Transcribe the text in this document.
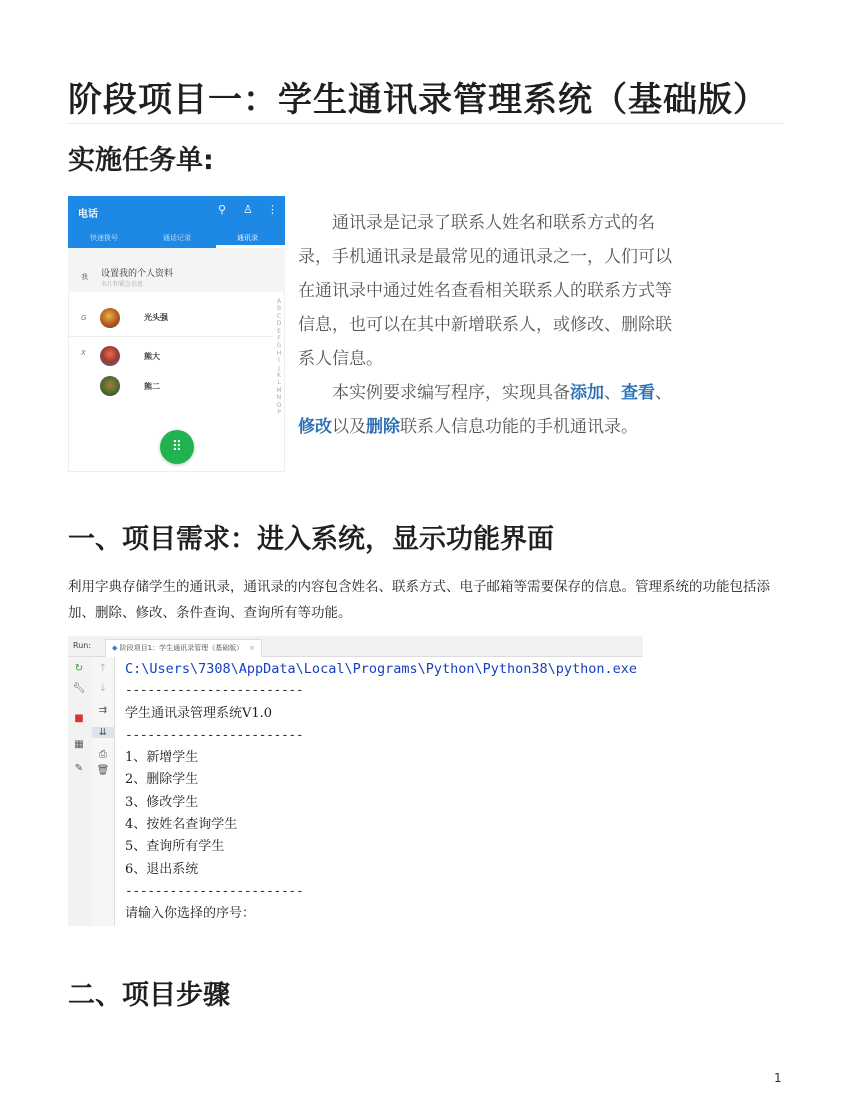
阶段项目一：学生通讯录管理系统（基础版）
实施任务单:
电话	⚲ ♙ ⋮
快速拨号	通话记录	通讯录
我 设置我的个人资料
名片和紧急信息
G	光头强
X	熊大
熊二
A
B
C
D
E
F
G
H
I
J
K
L
M
N
O
P
⠿

通讯录是记录了联系人姓名和联系方式的名录，手机通讯录是最常见的通讯录之一，人们可以在通讯录中通过姓名查看相关联系人的联系方式等信息，也可以在其中新增联系人，或修改、删除联系人信息。

本实例要求编写程序，实现具备添加、查看、修改以及删除联系人信息功能的手机通讯录。

一、项目需求：进入系统，显示功能界面
利用字典存储学生的通讯录，通讯录的内容包含姓名、联系方式、电子邮箱等需要保存的信息。管理系统的功能包括添加、删除、修改、条件查询、查询所有等功能。
Run:	◆ 阶段项目1：学生通讯录管理（基础版） ×
↻
🔧︎
■
▦
✎
↑
↓
⇉
⇊
⎙
🗑︎
C:\Users\7308\AppData\Local\Programs\Python\Python38\python.exe
------------------------
学生通讯录管理系统V1.0
------------------------
1、新增学生
2、删除学生
3、修改学生
4、按姓名查询学生
5、查询所有学生
6、退出系统
------------------------
请输入你选择的序号：
二、项目步骤
1
